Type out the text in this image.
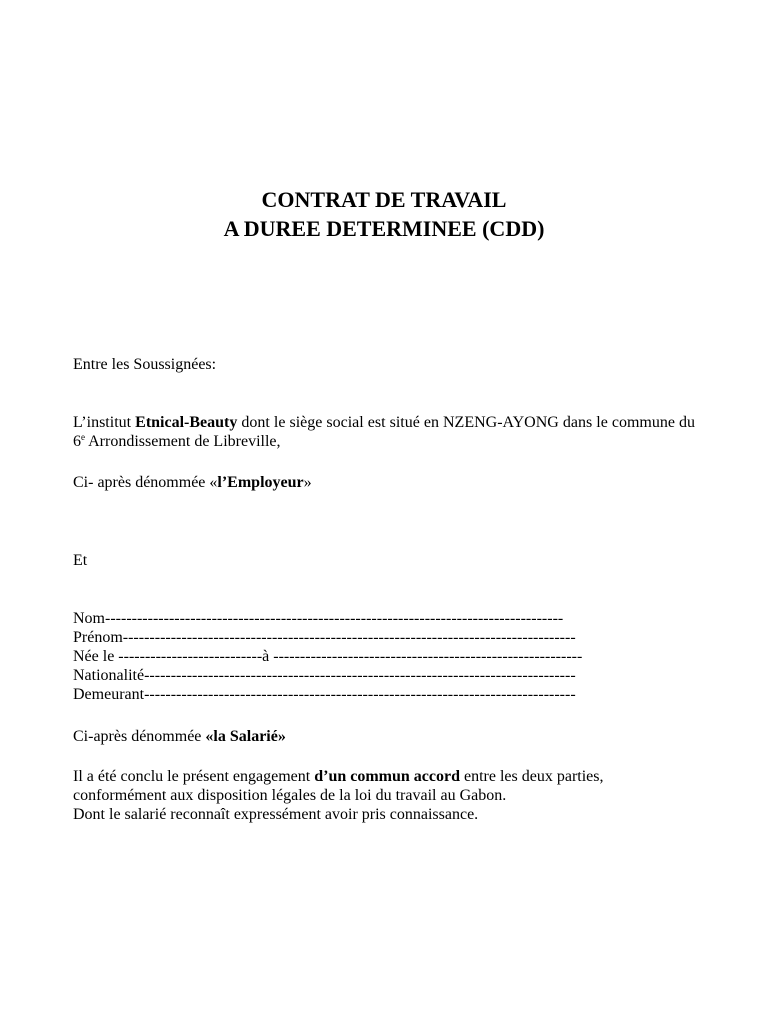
CONTRAT DE TRAVAIL
A DUREE DETERMINEE (CDD)
Entre les Soussignées:
L’institut Etnical-Beauty dont le siège social est situé en NZENG-AYONG dans le commune du 6e Arrondissement de Libreville,
Ci- après dénommée «l’Employeur»
Et
Nom--------------------------------------------------------------------------------------
Prénom-------------------------------------------------------------------------------------
Née le ---------------------------à ----------------------------------------------------------
Nationalité---------------------------------------------------------------------------------
Demeurant---------------------------------------------------------------------------------
Ci-après dénommée «la Salarié»
Il a été conclu le présent engagement d’un commun accord entre les deux parties,
conformément aux disposition légales de la loi du travail au Gabon.
Dont le salarié reconnaît expressément avoir pris connaissance.
